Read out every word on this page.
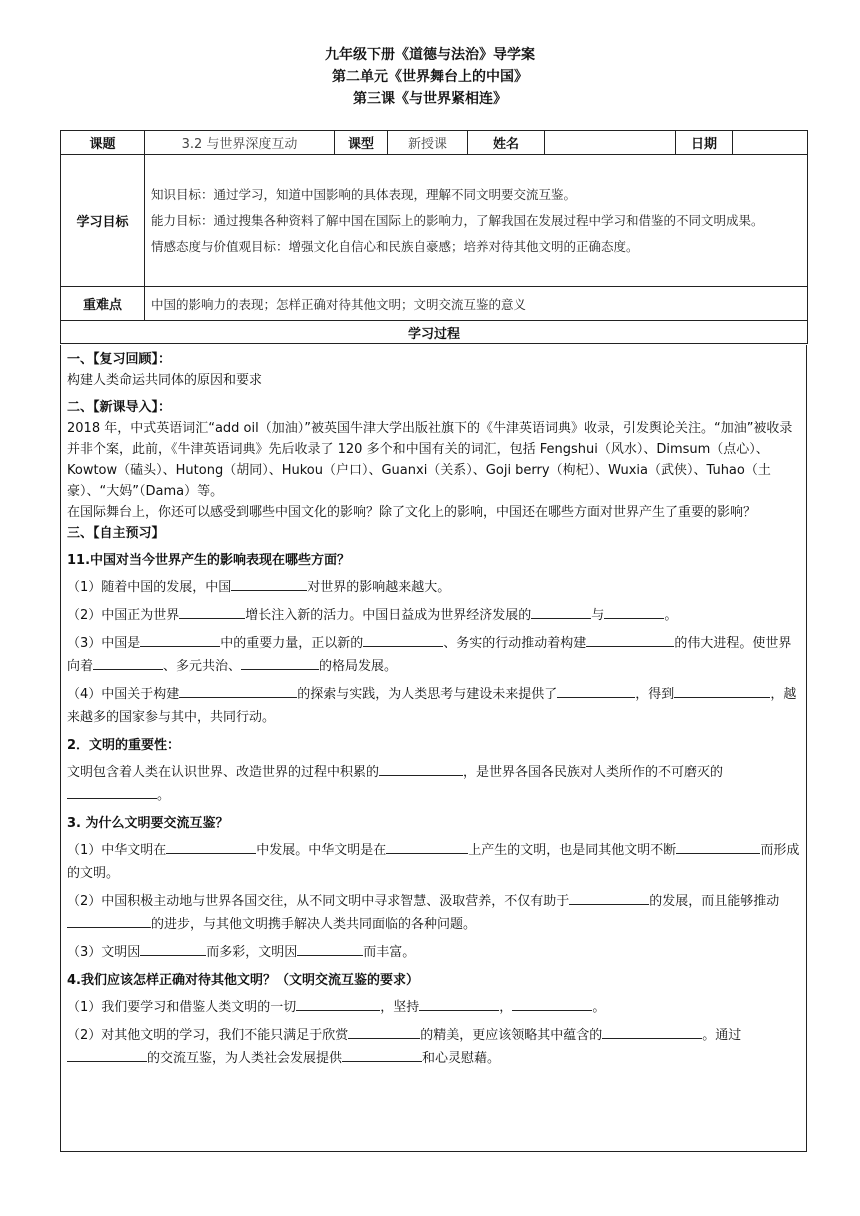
九年级下册《道德与法治》导学案
第二单元《世界舞台上的中国》
第三课《与世界紧相连》
课题	3.2 与世界深度互动	课型	新授课	姓名		日期	
学习目标	知识目标：通过学习，知道中国影响的具体表现，理解不同文明要交流互鉴。

能力目标：通过搜集各种资料了解中国在国际上的影响力，了解我国在发展过程中学习和借鉴的不同文明成果。

情感态度与价值观目标：增强文化自信心和民族自豪感；培养对待其他文明的正确态度。						

重难点	中国的影响力的表现；怎样正确对待其他文明；文明交流互鉴的意义						
学习过程							

一、【复习回顾】：

构建人类命运共同体的原因和要求

二、【新课导入】：

2018 年，中式英语词汇“add oil（加油）”被英国牛津大学出版社旗下的《牛津英语词典》收录，引发舆论关注。“加油”被收录并非个案，此前，《牛津英语词典》先后收录了 120 多个和中国有关的词汇，包括 Fengshui（风水）、Dimsum（点心）、Kowtow（磕头）、Hutong（胡同）、Hukou（户口）、Guanxi（关系）、Goji berry（枸杞）、Wuxia（武侠）、Tuhao（土豪）、“大妈”（Dama）等。

在国际舞台上，你还可以感受到哪些中国文化的影响？除了文化上的影响，中国还在哪些方面对世界产生了重要的影响？

三、【自主预习】

11.中国对当今世界产生的影响表现在哪些方面？

（1）随着中国的发展，中国	对世界的影响越来越大。

（2）中国正为世界	增长注入新的活力。中国日益成为世界经济发展的	与	。

（3）中国是	中的重要力量，正以新的	、务实的行动推动着构建	的伟大进程。使世界向着	、多元共治、	的格局发展。

（4）中国关于构建	的探索与实践，为人类思考与建设未来提供了	，得到	，越来越多的国家参与其中，共同行动。

2．文明的重要性：

文明包含着人类在认识世界、改造世界的过程中积累的	，是世界各国各民族对人类所作的不可磨灭的。

3. 为什么文明要交流互鉴？

（1）中华文明在	中发展。中华文明是在	上产生的文明，也是同其他文明不断	而形成的文明。

（2）中国积极主动地与世界各国交往，从不同文明中寻求智慧、汲取营养，不仅有助于	的发展，而且能够推动的进步，与其他文明携手解决人类共同面临的各种问题。

（3）文明因	而多彩，文明因	而丰富。

4.我们应该怎样正确对待其他文明？（文明交流互鉴的要求）

（1）我们要学习和借鉴人类文明的一切	，坚持	，	。

（2）对其他文明的学习，我们不能只满足于欣赏	的精美，更应该领略其中蕴含的	。通过的交流互鉴，为人类社会发展提供	和心灵慰藉。
